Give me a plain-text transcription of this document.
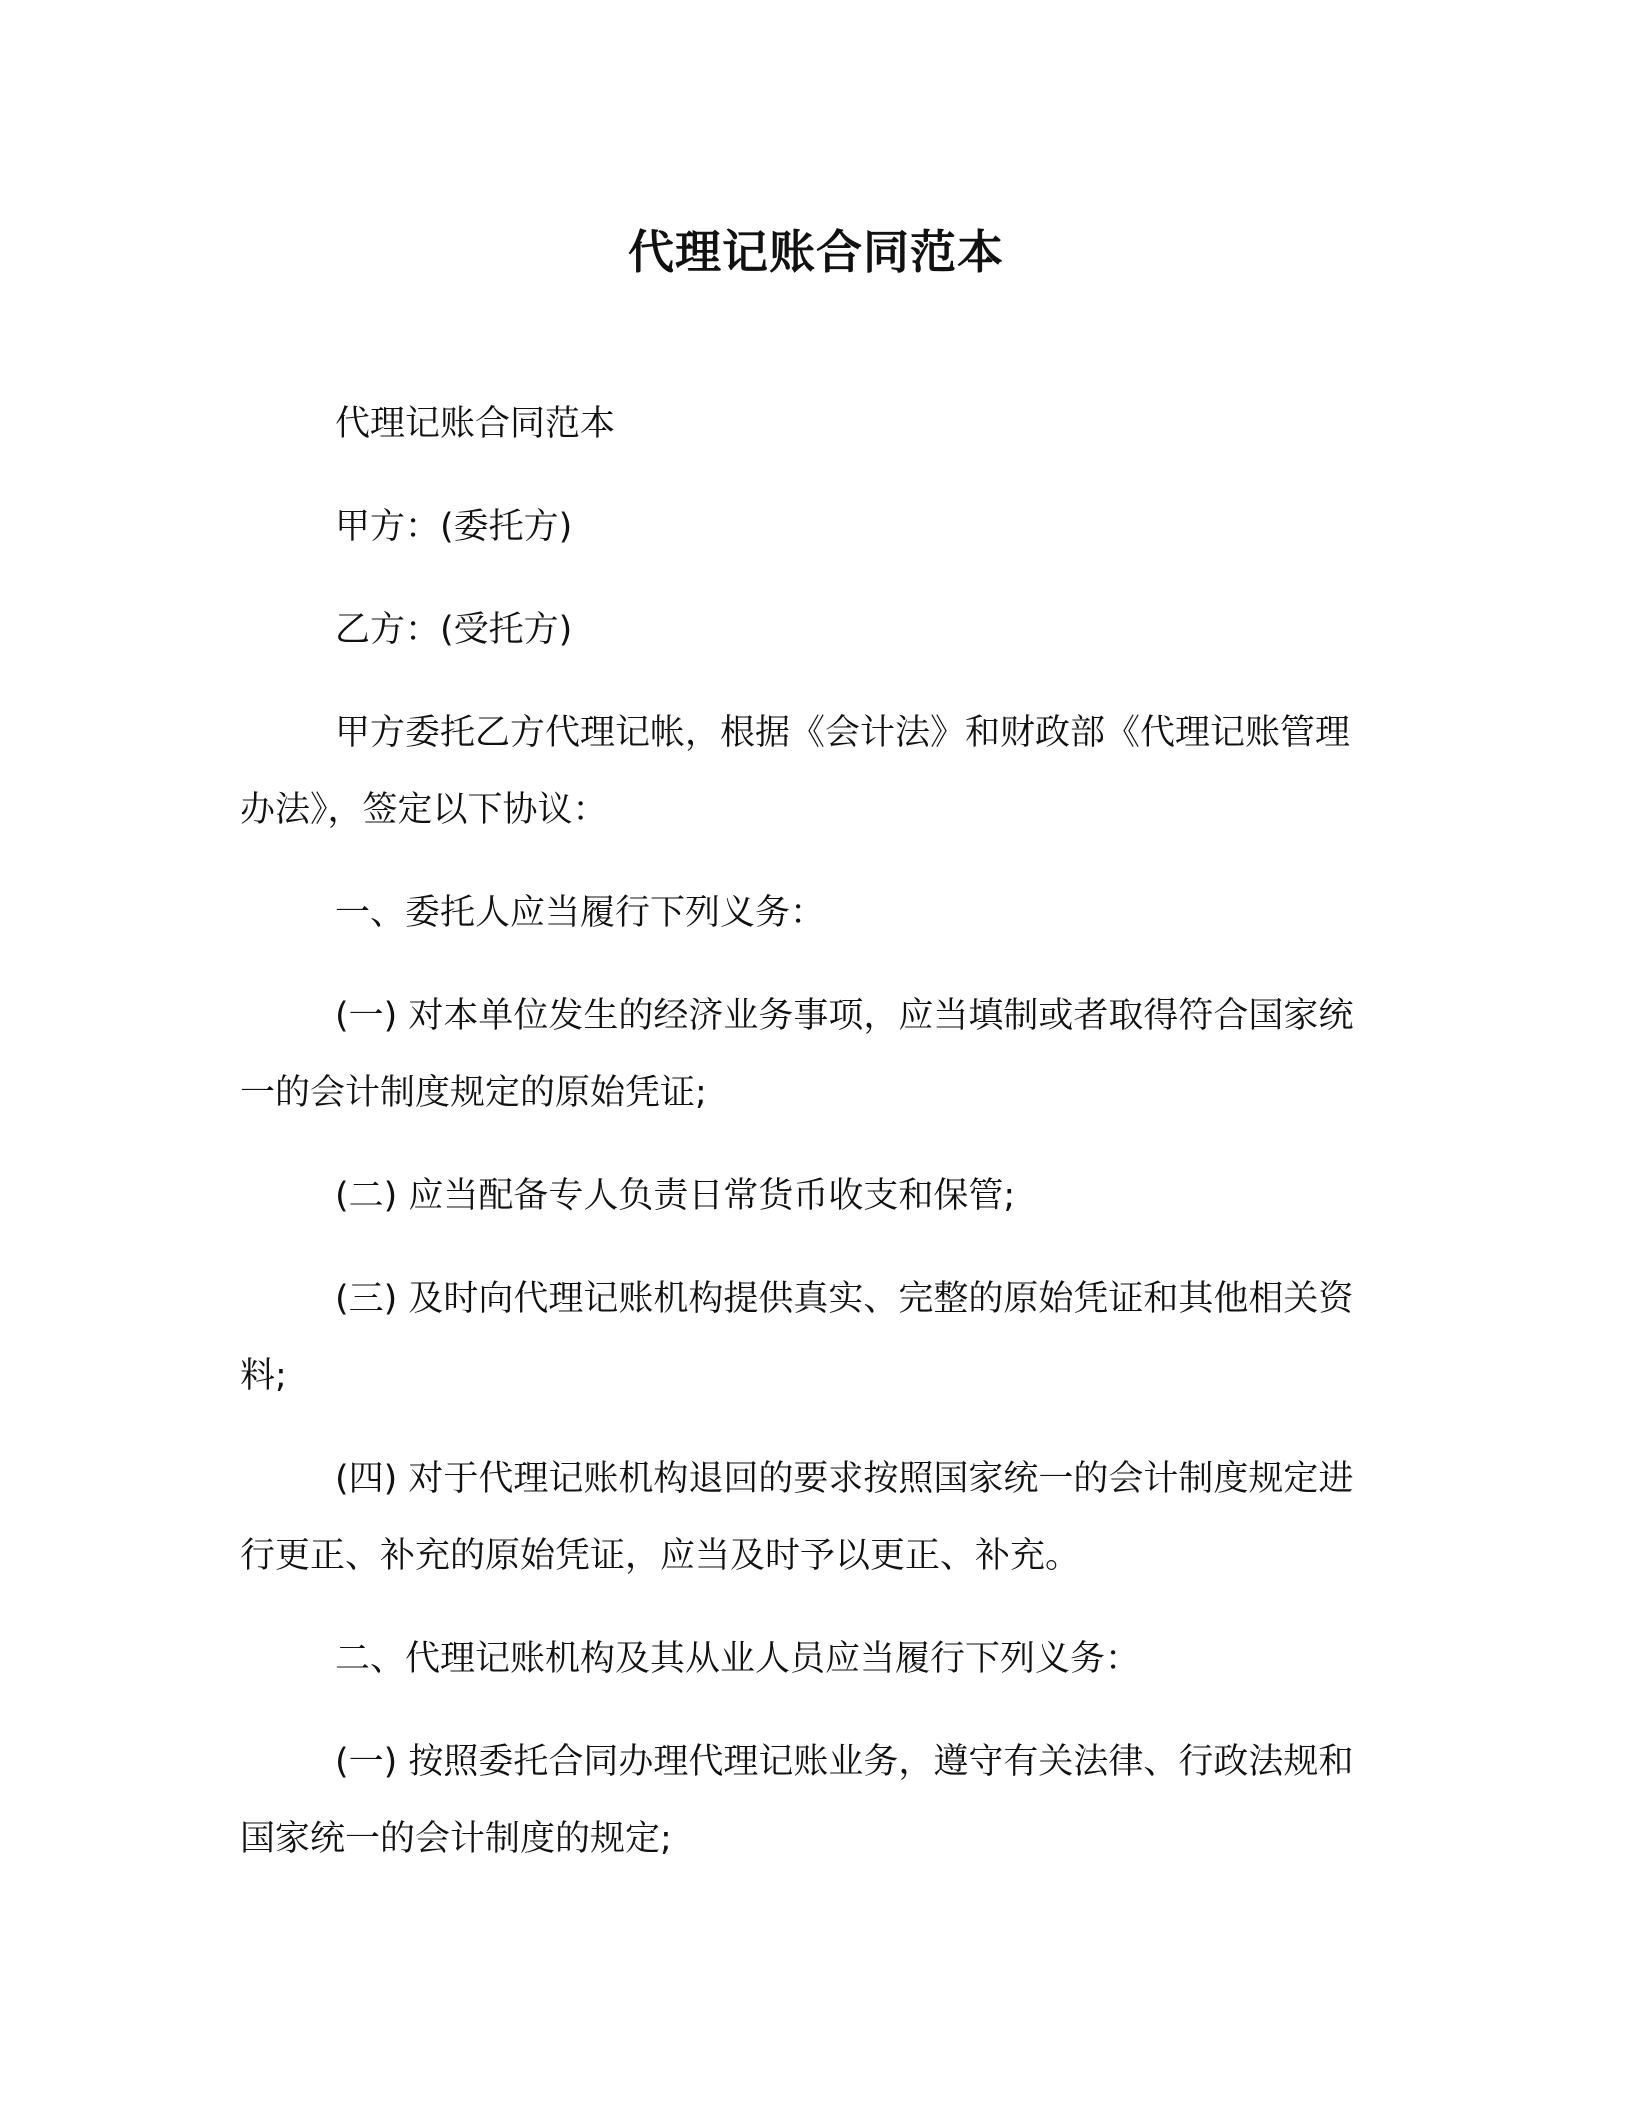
代理记账合同范本

代理记账合同范本

甲方：(委托方)

乙方：(受托方)

甲方委托乙方代理记帐，根据《会计法》和财政部《代理记账管理办法》，签定以下协议：

一、委托人应当履行下列义务：

(一) 对本单位发生的经济业务事项，应当填制或者取得符合国家统一的会计制度规定的原始凭证;

(二) 应当配备专人负责日常货币收支和保管;

(三) 及时向代理记账机构提供真实、完整的原始凭证和其他相关资料;

(四) 对于代理记账机构退回的要求按照国家统一的会计制度规定进行更正、补充的原始凭证，应当及时予以更正、补充。

二、代理记账机构及其从业人员应当履行下列义务：

(一) 按照委托合同办理代理记账业务，遵守有关法律、行政法规和国家统一的会计制度的规定;
